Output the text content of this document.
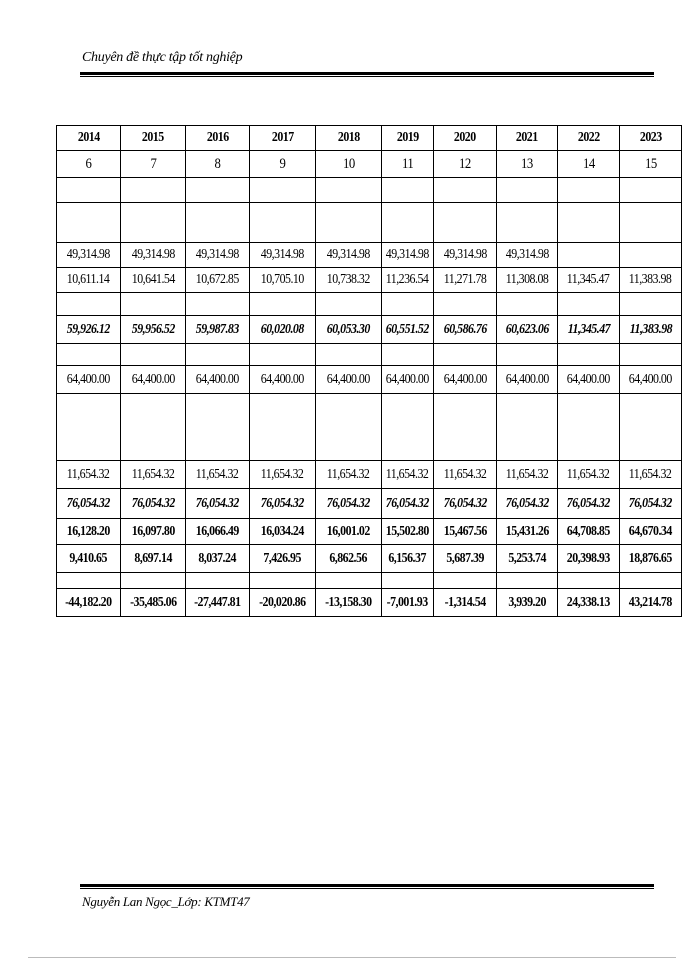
Chuyên đề thực tập tốt nghiệp
2014	2015	2016	2017	2018	2019	2020	2021	2022	2023
6	7	8	9	10	11	12	13	14	15

49,314.98	49,314.98	49,314.98	49,314.98	49,314.98	49,314.98	49,314.98	49,314.98		
10,611.14	10,641.54	10,672.85	10,705.10	10,738.32	11,236.54	11,271.78	11,308.08	11,345.47	11,383.98

59,926.12	59,956.52	59,987.83	60,020.08	60,053.30	60,551.52	60,586.76	60,623.06	11,345.47	11,383.98

64,400.00	64,400.00	64,400.00	64,400.00	64,400.00	64,400.00	64,400.00	64,400.00	64,400.00	64,400.00

11,654.32	11,654.32	11,654.32	11,654.32	11,654.32	11,654.32	11,654.32	11,654.32	11,654.32	11,654.32
76,054.32	76,054.32	76,054.32	76,054.32	76,054.32	76,054.32	76,054.32	76,054.32	76,054.32	76,054.32
16,128.20	16,097.80	16,066.49	16,034.24	16,001.02	15,502.80	15,467.56	15,431.26	64,708.85	64,670.34
9,410.65	8,697.14	8,037.24	7,426.95	6,862.56	6,156.37	5,687.39	5,253.74	20,398.93	18,876.65

-44,182.20	-35,485.06	-27,447.81	-20,020.86	-13,158.30	-7,001.93	-1,314.54	3,939.20	24,338.13	43,214.78
Nguyễn Lan Ngọc_Lớp: KTMT47
